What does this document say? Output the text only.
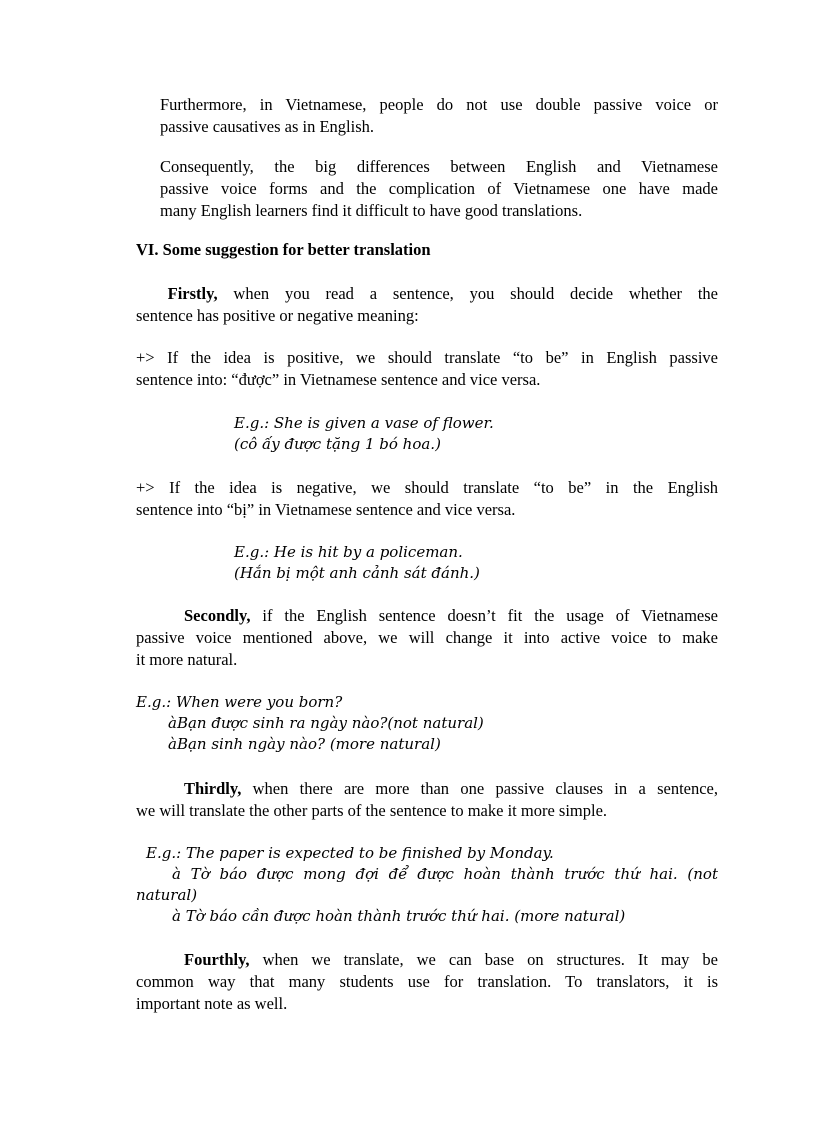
Furthermore, in Vietnamese, people do not use double passive voice or
passive causatives as in English.
Consequently, the big differences between English and Vietnamese
passive voice forms and the complication of Vietnamese one have made
many English learners find it difficult to have good translations.
VI. Some suggestion for better translation
Firstly, when you read a sentence, you should decide whether the
sentence has positive or negative meaning:
+> If the idea is positive, we should translate “to be” in English passive
sentence into: “được” in Vietnamese sentence and vice versa.
E.g.: She is given a vase of flower.
(cô ấy được tặng 1 bó hoa.)
+> If the idea is negative, we should translate “to be” in the English
sentence into “bị” in Vietnamese sentence and vice versa.
E.g.: He is hit by a policeman.
(Hắn bị một anh cảnh sát đánh.)
Secondly, if the English sentence doesn’t fit the usage of Vietnamese
passive voice mentioned above, we will change it into active voice to make
it more natural.
E.g.: When were you born?
àBạn được sinh ra ngày nào?(not natural)
àBạn sinh ngày nào? (more natural)
Thirdly, when there are more than one passive clauses in a sentence,
we will translate the other parts of the sentence to make it more simple.
E.g.: The paper is expected to be finished by Monday.
à Tờ báo được mong đợi để được hoàn thành trước thứ hai. (not
natural)
à Tờ báo cần được hoàn thành trước thứ hai. (more natural)
Fourthly, when we translate, we can base on structures. It may be
common way that many students use for translation. To translators, it is
important note as well.
